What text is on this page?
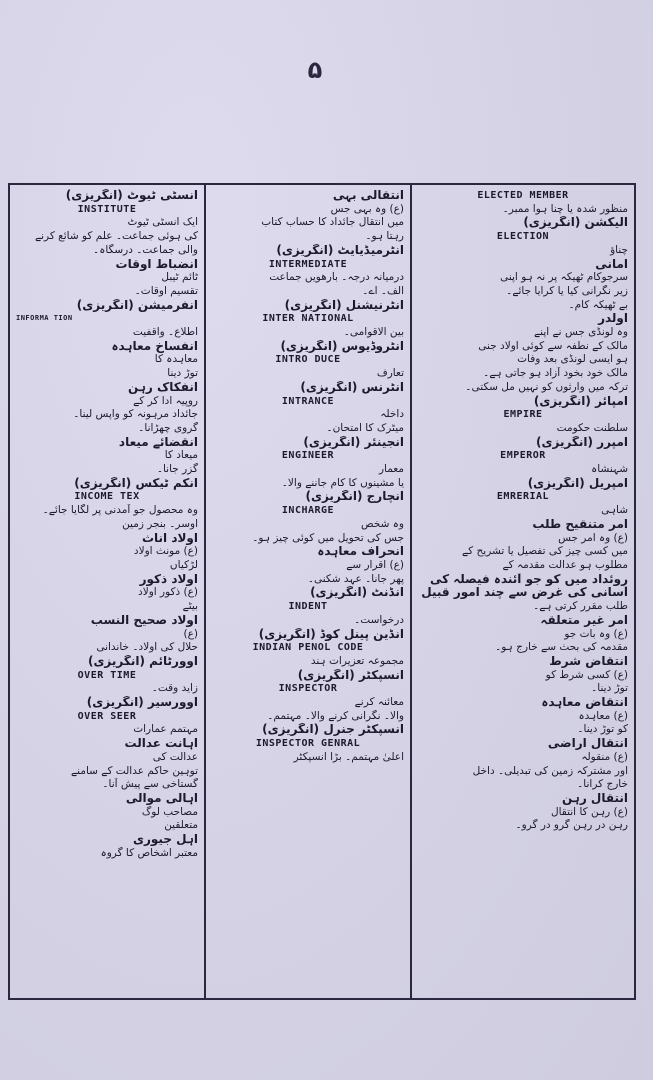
۵
ELECTED MEMBER
منظور شدہ یا چنا ہوا ممبر۔
الیکشن (انگریزی)
ELECTION
چناؤ
امانی
سرجوکام ٹھیکہ پر نہ ہو اپنی
زیر نگرانی کیا یا کرایا جائے۔
بے ٹھیکہ کام۔
اولدر
وہ لونڈی جس نے اپنے
مالک کے نطفہ سے کوئی اولاد جنی
ہو ایسی لونڈی بعد وفات
مالک خود بخود آزاد ہو جاتی ہے۔
ترکہ میں وارثوں کو نہیں مل سکتی۔
امپائر (انگریزی)
EMPIRE
سلطنت حکومت
امپرر (انگریزی)
EMPEROR
شہنشاہ
امپریل (انگریزی)
EMRERIAL
شاہی
امر متنقیح طلب
(ع) وہ امر جس
میں کسی چیز کی تفصیل یا تشریح کے
مطلوب ہو عدالت مقدمہ کے
روئداد میں کو جو آئندہ فیصلہ کی
آسانی کی غرض سے چند امور قبیل
طلب مقرر کرتی ہے۔
امر غیر متعلقہ
(ع) وہ بات جو
مقدمہ کی بحث سے خارج ہو۔
انتقاض شرط
(ع) کسی شرط کو
توڑ دینا۔
انتقاض معاہدہ
(ع) معاہدہ
کو توڑ دینا۔
انتقال اراضی
(ع) منقولہ
اور مشترکہ زمین کی تبدیلی۔ داخل
خارج کرانا۔
انتقال رہن
(ع) رہن کا انتقال
رہن در رہن گرو در گرو۔
انتقالی بہی
(ع) وہ بہی جس
میں انتقال جائداد کا حساب کتاب
رہتا ہو۔
انٹرمیڈیایٹ (انگریزی)
INTERMEDIATE
درمیانہ درجہ۔ بارھویں جماعت
الف۔ اے۔
انٹرنیشنل (انگریزی)
INTER NATIONAL
بین الاقوامی۔
انٹروڈیوس (انگریزی)
INTRO DUCE
تعارف
انٹرنس (انگریزی)
INTRANCE
داخلہ
میٹرک کا امتحان۔
انجینئر (انگریزی)
ENGINEER
معمار
یا مشینوں کا کام جاننے والا۔
انچارج (انگریزی)
INCHARGE
وہ شخص
جس کی تحویل میں کوئی چیز ہو۔
انحراف معاہدہ
(ع) اقرار سے
پھر جانا۔ عہد شکنی۔
انڈنٹ (انگریزی)
INDENT
درخواست۔
انڈین پینل کوڈ (انگریزی)
INDIAN PENOL CODE
مجموعہ تعزیرات ہند
انسپکٹر (انگریزی)
INSPECTOR
معائنہ کرنے
والا۔ نگرانی کرنے والا۔ مہتمم۔
انسپکٹر جنرل (انگریزی)
INSPECTOR GENRAL
اعلیٰ مہتمم۔ بڑا انسپکٹر
انسٹی ٹیوٹ (انگریزی)
INSTITUTE
ایک انسٹی ٹیوٹ
کی ہوئی جماعت۔ علم کو شائع کرنے
والی جماعت۔ درسگاہ۔
انضباط اوقات
ٹائم ٹیبل
تقسیم اوقات۔
انفرمیشن (انگریزی)
INFORMA TION
اطلاع۔ واقفیت
انفساخ معاہدہ
معاہدہ کا
توڑ دینا
انفکاک رہن
روپیہ ادا کر کے
جائداد مرہونہ کو واپس لینا۔
گروی چھڑانا۔
انقضائے میعاد
میعاد کا
گزر جانا۔
انکم ٹیکس (انگریزی)
INCOME TEX
وہ محصول جو آمدنی پر لگایا جائے۔
اوسر۔ بنجر زمین
اولاد اناث
(ع) مونث اولاد
لڑکیاں
اولاد ذکور
(ع) ذکور اولاد
بیٹے
اولاد صحیح النسب
(ع)
حلال کی اولاد۔ خاندانی
اوورٹائم (انگریزی)
OVER TIME
زاید وقت۔
اوورسیر (انگریزی)
OVER SEER
مہتمم عمارات
اہانت عدالت
عدالت کی
توہین حاکم عدالت کے سامنے
گستاخی سے پیش آنا۔
اہالی موالی
مصاحب لوگ
متعلقین
اہل جیوری
معتبر اشخاص کا گروہ
